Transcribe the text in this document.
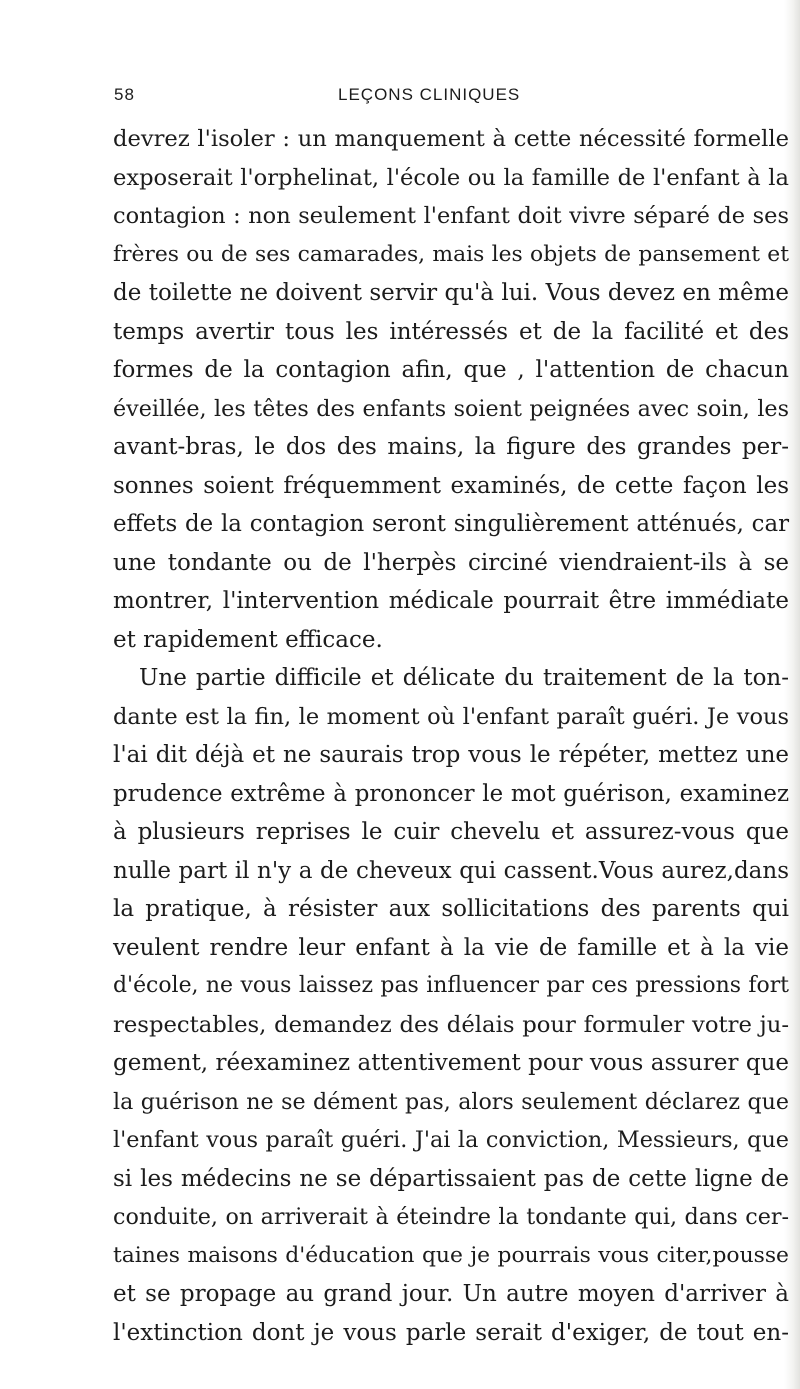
58	LEÇONS CLINIQUES
devrez l'isoler : un manquement à cette nécessité formelle
exposerait l'orphelinat, l'école ou la famille de l'enfant à la
contagion : non seulement l'enfant doit vivre séparé de ses
frères ou de ses camarades, mais les objets de pansement et
de toilette ne doivent servir qu'à lui. Vous devez en même
temps avertir tous les intéressés et de la facilité et des
formes de la contagion afin, que , l'attention de chacun
éveillée, les têtes des enfants soient peignées avec soin, les
avant-bras, le dos des mains, la figure des grandes per-
sonnes soient fréquemment examinés, de cette façon les
effets de la contagion seront singulièrement atténués, car
une tondante ou de l'herpès circiné viendraient-ils à se
montrer, l'intervention médicale pourrait être immédiate
et rapidement efficace.
Une partie difficile et délicate du traitement de la ton-
dante est la fin, le moment où l'enfant paraît guéri. Je vous
l'ai dit déjà et ne saurais trop vous le répéter, mettez une
prudence extrême à prononcer le mot guérison, examinez
à plusieurs reprises le cuir chevelu et assurez-vous que
nulle part il n'y a de cheveux qui cassent.Vous aurez,dans
la pratique, à résister aux sollicitations des parents qui
veulent rendre leur enfant à la vie de famille et à la vie
d'école, ne vous laissez pas influencer par ces pressions fort
respectables, demandez des délais pour formuler votre ju-
gement, réexaminez attentivement pour vous assurer que
la guérison ne se dément pas, alors seulement déclarez que
l'enfant vous paraît guéri. J'ai la conviction, Messieurs, que
si les médecins ne se départissaient pas de cette ligne de
conduite, on arriverait à éteindre la tondante qui, dans cer-
taines maisons d'éducation que je pourrais vous citer,pousse
et se propage au grand jour. Un autre moyen d'arriver à
l'extinction dont je vous parle serait d'exiger, de tout en-
